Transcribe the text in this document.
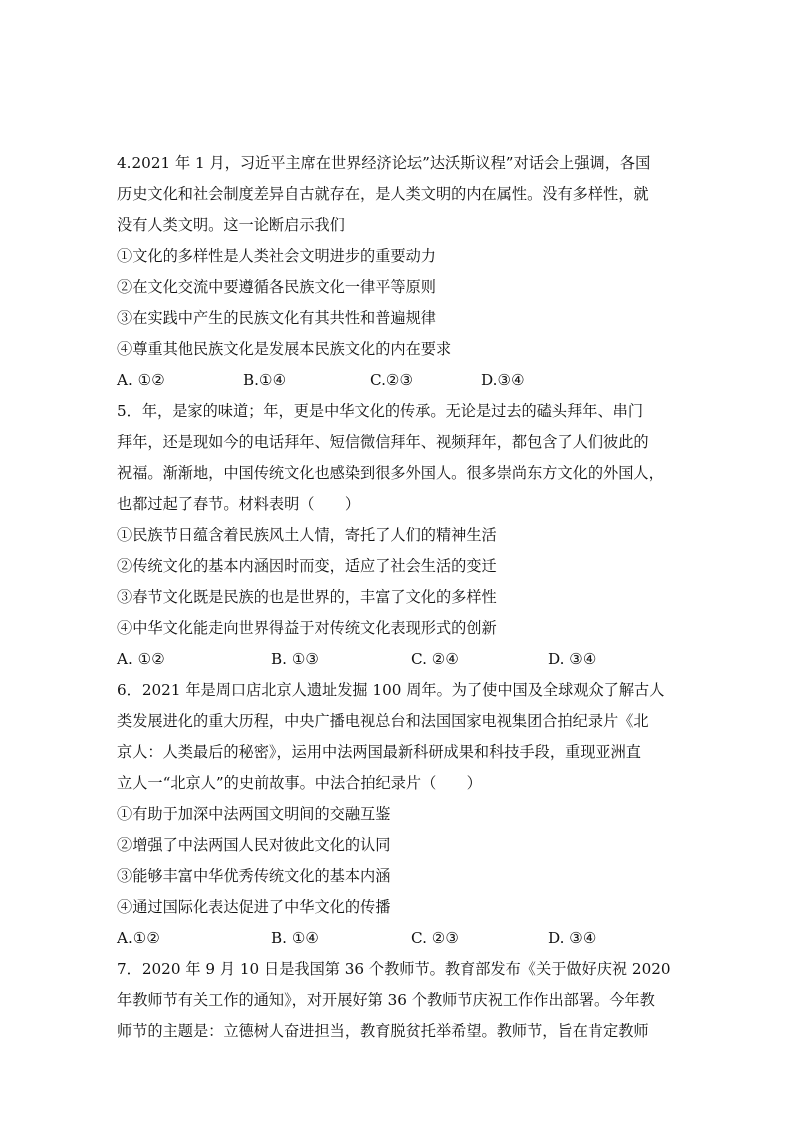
4.2021 年 1 月，习近平主席在世界经济论坛”达沃斯议程”对话会上强调，各国
历史文化和社会制度差异自古就存在，是人类文明的内在属性。没有多样性，就
没有人类文明。这一论断启示我们
①文化的多样性是人类社会文明进步的重要动力
②在文化交流中要遵循各民族文化一律平等原则
③在实践中产生的民族文化有其共性和普遍规律
④尊重其他民族文化是发展本民族文化的内在要求
A. ①②	B.①④	C.②③	D.③④
5．年，是家的味道；年，更是中华文化的传承。无论是过去的磕头拜年、串门
拜年，还是现如今的电话拜年、短信微信拜年、视频拜年，都包含了人们彼此的
祝福。渐渐地，中国传统文化也感染到很多外国人。很多崇尚东方文化的外国人，
也都过起了春节。材料表明（　　）
①民族节日蕴含着民族风土人情，寄托了人们的精神生活
②传统文化的基本内涵因时而变，适应了社会生活的变迁
③春节文化既是民族的也是世界的，丰富了文化的多样性
④中华文化能走向世界得益于对传统文化表现形式的创新
A. ①②	B. ①③	C. ②④	D. ③④
6．2021 年是周口店北京人遗址发掘 100 周年。为了使中国及全球观众了解古人
类发展进化的重大历程，中央广播电视总台和法国国家电视集团合拍纪录片《北
京人：人类最后的秘密》，运用中法两国最新科研成果和科技手段，重现亚洲直
立人一“北京人”的史前故事。中法合拍纪录片（　　）
①有助于加深中法两国文明间的交融互鉴
②增强了中法两国人民对彼此文化的认同
③能够丰富中华优秀传统文化的基本内涵
④通过国际化表达促进了中华文化的传播
A.①②	B. ①④	C. ②③	D. ③④
7．2020 年 9 月 10 日是我国第 36 个教师节。教育部发布《关于做好庆祝 2020
年教师节有关工作的通知》，对开展好第 36 个教师节庆祝工作作出部署。今年教
师节的主题是：立德树人奋进担当，教育脱贫托举希望。教师节，旨在肯定教师
